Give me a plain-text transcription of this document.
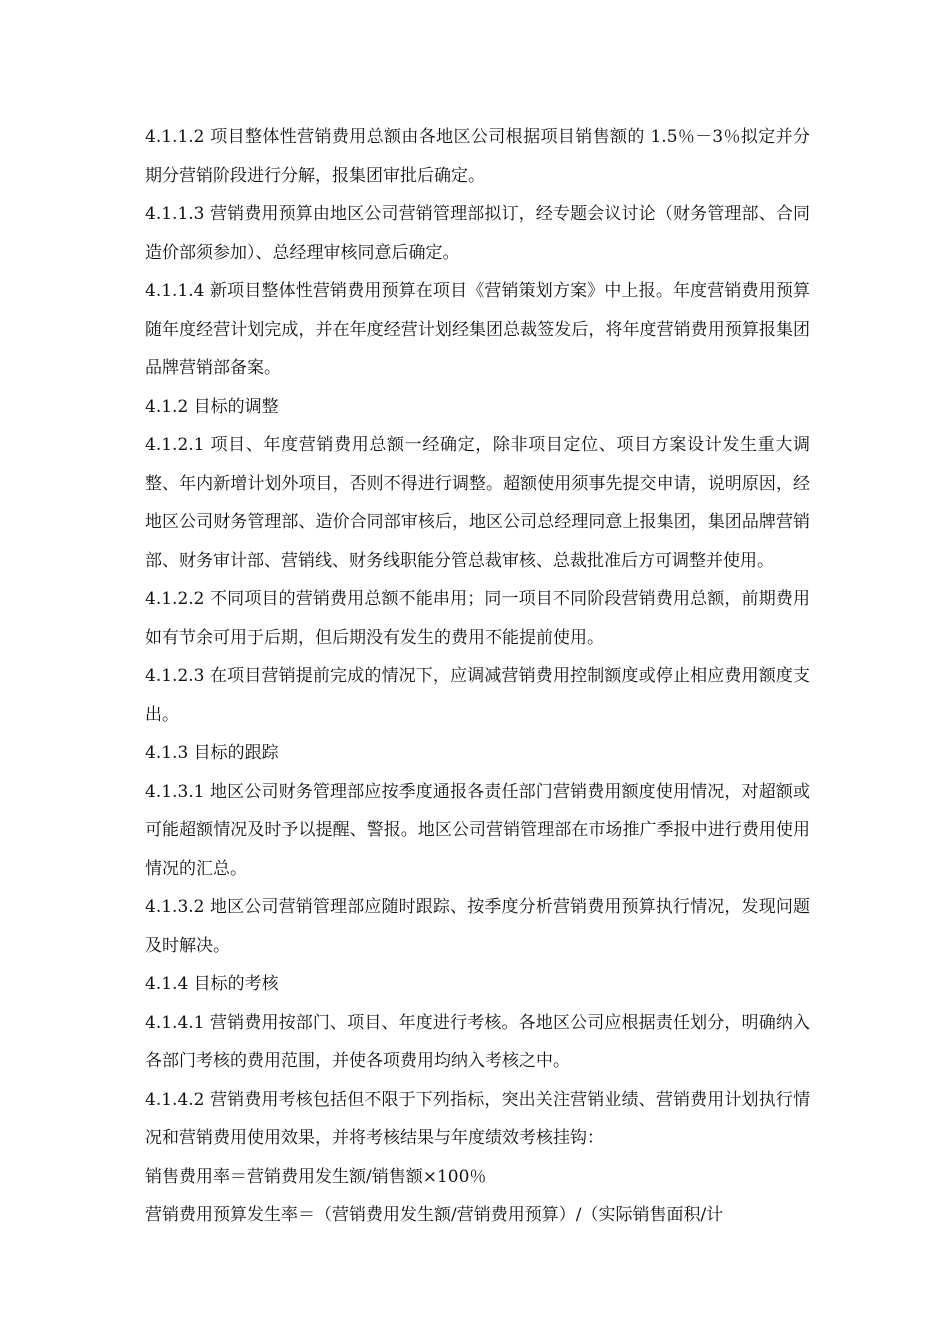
4.1.1.2 项目整体性营销费用总额由各地区公司根据项目销售额的 1.5％－3％拟定并分期分营销阶段进行分解，报集团审批后确定。

4.1.1.3 营销费用预算由地区公司营销管理部拟订，经专题会议讨论（财务管理部、合同造价部须参加）、总经理审核同意后确定。

4.1.1.4 新项目整体性营销费用预算在项目《营销策划方案》中上报。年度营销费用预算随年度经营计划完成，并在年度经营计划经集团总裁签发后，将年度营销费用预算报集团品牌营销部备案。

4.1.2 目标的调整

4.1.2.1 项目、年度营销费用总额一经确定，除非项目定位、项目方案设计发生重大调整、年内新增计划外项目，否则不得进行调整。超额使用须事先提交申请，说明原因，经地区公司财务管理部、造价合同部审核后，地区公司总经理同意上报集团，集团品牌营销部、财务审计部、营销线、财务线职能分管总裁审核、总裁批准后方可调整并使用。

4.1.2.2 不同项目的营销费用总额不能串用；同一项目不同阶段营销费用总额，前期费用如有节余可用于后期，但后期没有发生的费用不能提前使用。

4.1.2.3 在项目营销提前完成的情况下，应调减营销费用控制额度或停止相应费用额度支出。

4.1.3 目标的跟踪

4.1.3.1 地区公司财务管理部应按季度通报各责任部门营销费用额度使用情况，对超额或可能超额情况及时予以提醒、警报。地区公司营销管理部在市场推广季报中进行费用使用情况的汇总。

4.1.3.2 地区公司营销管理部应随时跟踪、按季度分析营销费用预算执行情况，发现问题及时解决。

4.1.4 目标的考核

4.1.4.1 营销费用按部门、项目、年度进行考核。各地区公司应根据责任划分，明确纳入各部门考核的费用范围，并使各项费用均纳入考核之中。

4.1.4.2 营销费用考核包括但不限于下列指标，突出关注营销业绩、营销费用计划执行情况和营销费用使用效果，并将考核结果与年度绩效考核挂钩：

销售费用率＝营销费用发生额/销售额×100％

营销费用预算发生率＝（营销费用发生额/营销费用预算）/（实际销售面积/计
